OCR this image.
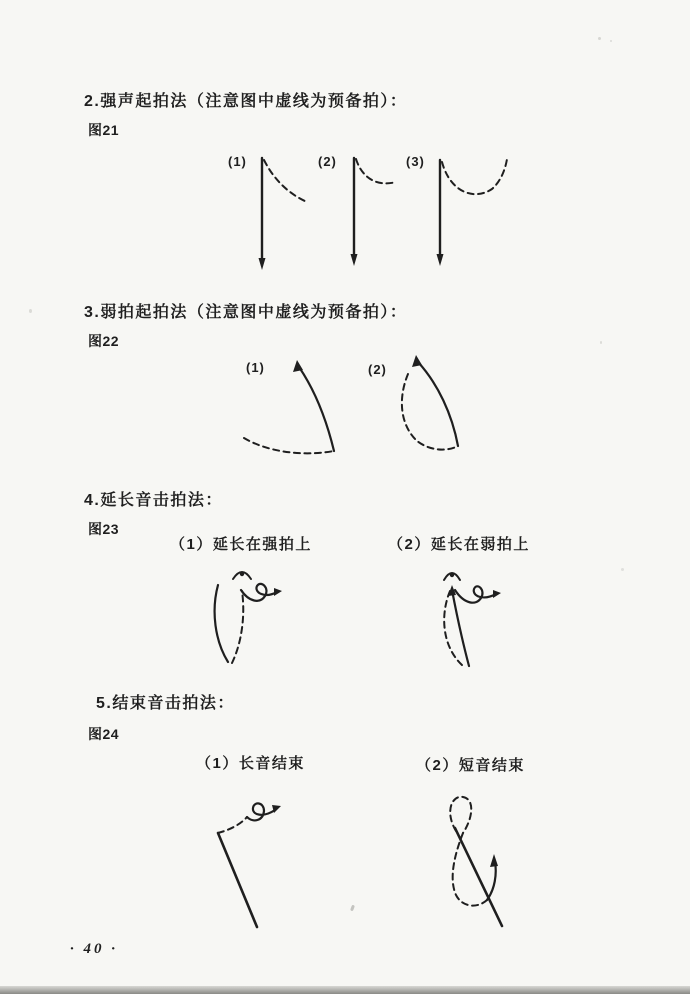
2.强声起拍法（注意图中虚线为预备拍）：
图21
(1)	(2)	(3)
3.弱拍起拍法（注意图中虚线为预备拍）：
图22
(1)	(2)
4.延长音击拍法：
图23
（1）延长在强拍上	（2）延长在弱拍上
5.结束音击拍法：
图24
（1）长音结束	（2）短音结束
· 40 ·
